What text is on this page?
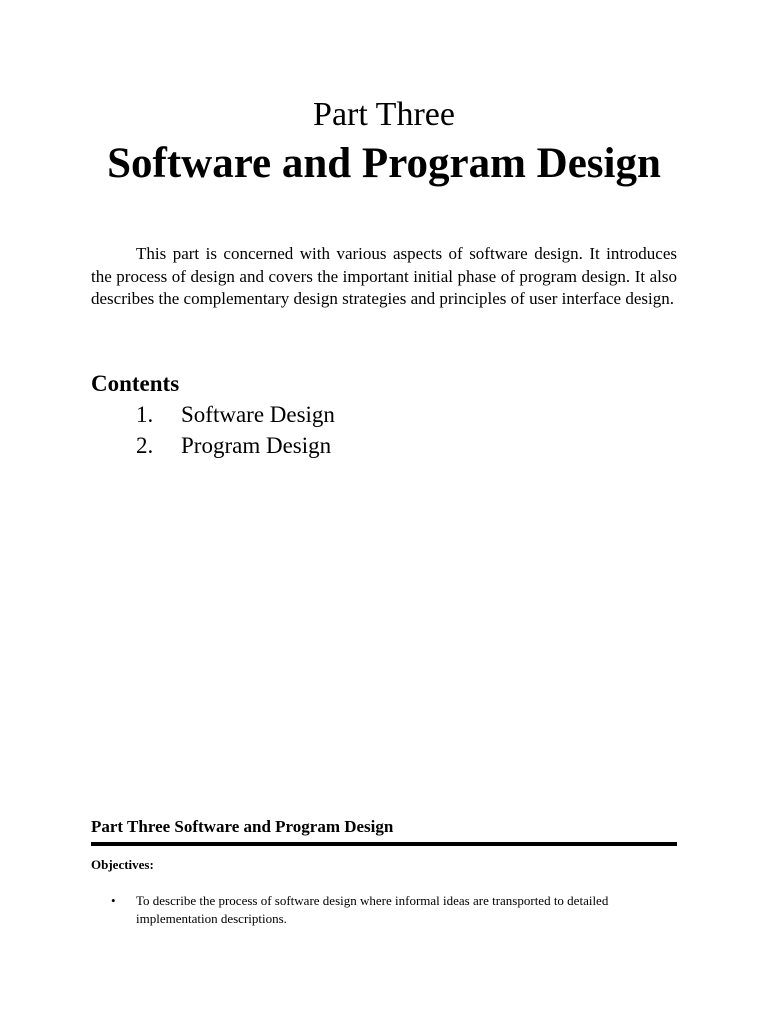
Part Three
Software and Program Design

This part is concerned with various aspects of software design. It introduces the process of design and covers the important initial phase of program design. It also describes the complementary design strategies and principles of user interface design.

Contents
1. Software Design
2. Program Design
Part Three Software and Program Design
Objectives:
• To describe the process of software design where informal ideas are transported to detailed implementation descriptions.
